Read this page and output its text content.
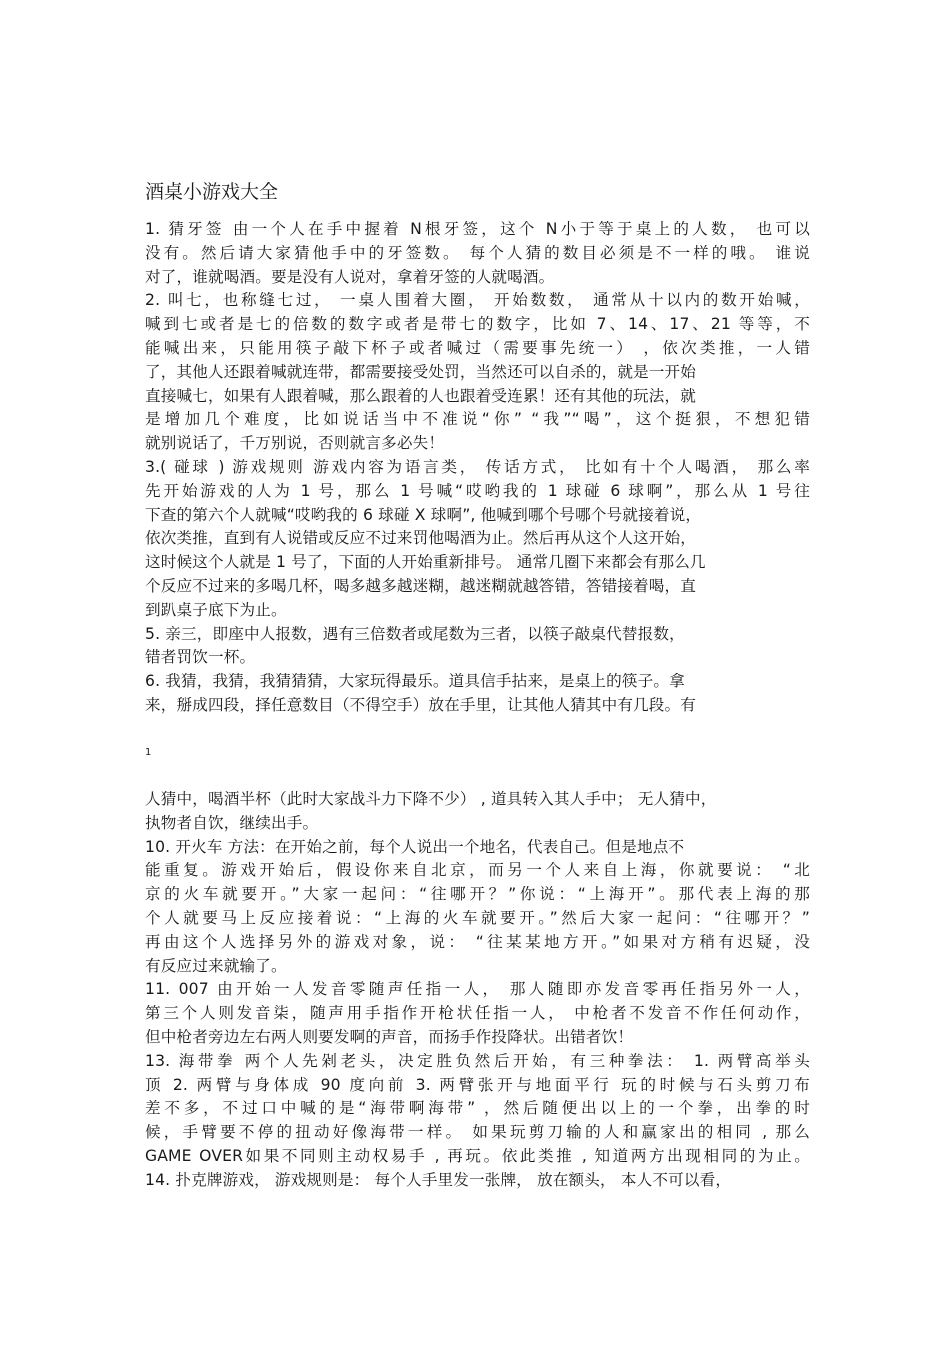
酒桌小游戏大全
1. 猜牙签 由一个人在手中握着 N根牙签，这个 N小于等于桌上的人数， 也可以
没有。然后请大家猜他手中的牙签数。 每个人猜的数目必须是不一样的哦。 谁说
对了，谁就喝酒。要是没有人说对，拿着牙签的人就喝酒。
2. 叫七，也称缝七过， 一桌人围着大圈， 开始数数， 通常从十以内的数开始喊，
喊到七或者是七的倍数的数字或者是带七的数字，比如 7、14、17、21 等等，不
能喊出来，只能用筷子敲下杯子或者喊过（需要事先统一） ，依次类推，一人错
了，其他人还跟着喊就连带，都需要接受处罚，当然还可以自杀的，就是一开始
直接喊七，如果有人跟着喊，那么跟着的人也跟着受连累！还有其他的玩法，就
是增加几个难度，比如说话当中不准说“你” “我”“喝”，这个挺狠，不想犯错
就别说话了，千万别说，否则就言多必失！
3.( 碰球 ) 游戏规则 游戏内容为语言类， 传话方式， 比如有十个人喝酒， 那么率
先开始游戏的人为 1 号，那么 1 号喊“哎哟我的 1 球碰 6 球啊”，那么从 1 号往
下查的第六个人就喊“哎哟我的 6 球碰 X 球啊”, 他喊到哪个号哪个号就接着说，
依次类推，直到有人说错或反应不过来罚他喝酒为止。然后再从这个人这开始，
这时候这个人就是 1 号了，下面的人开始重新排号。 通常几圈下来都会有那么几
个反应不过来的多喝几杯，喝多越多越迷糊，越迷糊就越答错，答错接着喝，直
到趴桌子底下为止。
5. 亲三，即座中人报数，遇有三倍数者或尾数为三者，以筷子敲桌代替报数，
错者罚饮一杯。
6. 我猜，我猜，我猜猜猜，大家玩得最乐。道具信手拈来，是桌上的筷子。拿
来，掰成四段，择任意数目（不得空手）放在手里，让其他人猜其中有几段。有
1
人猜中，喝酒半杯（此时大家战斗力下降不少） , 道具转入其人手中； 无人猜中，
执物者自饮，继续出手。
10. 开火车 方法：在开始之前，每个人说出一个地名，代表自己。但是地点不
能重复。游戏开始后，假设你来自北京，而另一个人来自上海，你就要说： “北
京的火车就要开。”大家一起问：“往哪开？”你说：“上海开”。那代表上海的那
个人就要马上反应接着说：“上海的火车就要开。”然后大家一起问：“往哪开？”
再由这个人选择另外的游戏对象，说： “往某某地方开。”如果对方稍有迟疑，没
有反应过来就输了。
11. 007 由开始一人发音零随声任指一人， 那人随即亦发音零再任指另外一人，
第三个人则发音柒，随声用手指作开枪状任指一人， 中枪者不发音不作任何动作，
但中枪者旁边左右两人则要发啊的声音，而扬手作投降状。出错者饮！
13. 海带拳 两个人先剁老头，决定胜负然后开始，有三种拳法： 1. 两臂高举头
顶 2. 两臂与身体成 90 度向前 3. 两臂张开与地面平行 玩的时候与石头剪刀布
差不多，不过口中喊的是“海带啊海带” ，然后随便出以上的一个拳，出拳的时
候，手臂要不停的扭动好像海带一样。 如果玩剪刀输的人和赢家出的相同 , 那么
GAME OVER如果不同则主动权易手 , 再玩。依此类推 , 知道两方出现相同的为止。
14. 扑克牌游戏， 游戏规则是： 每个人手里发一张牌， 放在额头， 本人不可以看，
